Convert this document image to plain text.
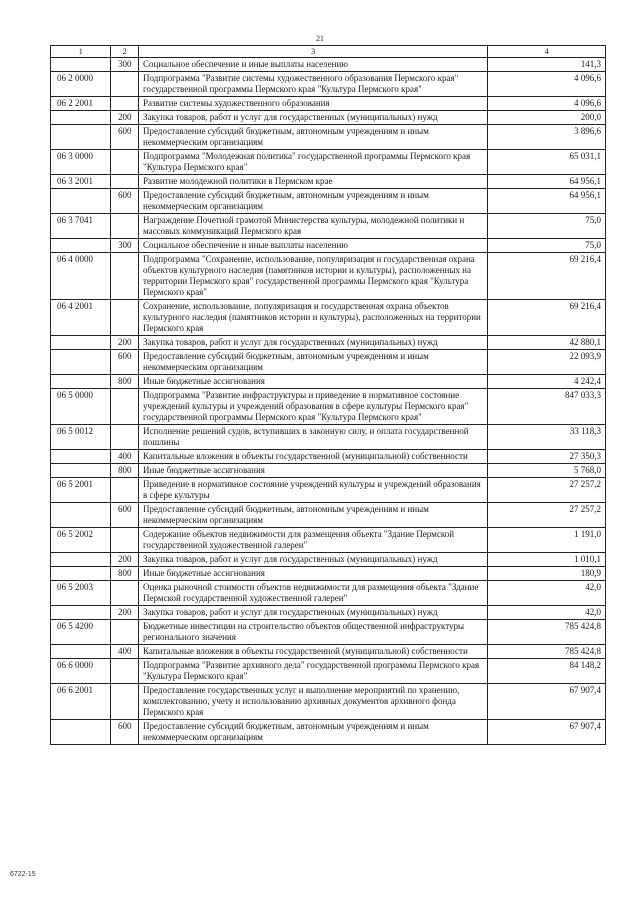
21
1	2	3	4
	300	Социальное обеспечение и иные выплаты населению	141,3
06 2 0000		Подпрограмма "Развитие системы художественного образования Пермского края" государственной программы Пермского края "Культура Пермского края"	4 096,6
06 2 2001		Развитие системы художественного образования	4 096,6
	200	Закупка товаров, работ и услуг для государственных (муниципальных) нужд	200,0
	600	Предоставление субсидий бюджетным, автономным учреждениям и иным некоммерческим организациям	3 896,6
06 3 0000		Подпрограмма "Молодежная политика" государственной программы Пермского края "Культура Пермского края"	65 031,1
06 3 2001		Развитие молодежной политики в Пермском крае	64 956,1
	600	Предоставление субсидий бюджетным, автономным учреждениям и иным некоммерческим организациям	64 956,1
06 3 7041		Награждение Почетной грамотой Министерства культуры, молодежной политики и массовых коммуникаций Пермского края	75,0
	300	Социальное обеспечение и иные выплаты населению	75,0
06 4 0000		Подпрограмма "Сохранение, использование, популяризация и государственная охрана объектов культурного наследия (памятников истории и культуры), расположенных на территории Пермского края" государственной программы Пермского края "Культура Пермского края"	69 216,4
06 4 2001		Сохранение, использование, популяризация и государственная охрана объектов культурного наследия (памятников истории и культуры), расположенных на территории Пермского края	69 216,4
	200	Закупка товаров, работ и услуг для государственных (муниципальных) нужд	42 880,1
	600	Предоставление субсидий бюджетным, автономным учреждениям и иным некоммерческим организациям	22 093,9
	800	Иные бюджетные ассигнования	4 242,4
06 5 0000		Подпрограмма "Развитие инфраструктуры и приведение в нормативное состояние учреждений культуры и учреждений образования в сфере культуры Пермского края" государственной программы Пермского края "Культура Пермского края"	847 033,3
06 5 0012		Исполнение решений судов, вступивших в законную силу, и оплата государственной пошлины	33 118,3
	400	Капитальные вложения в объекты государственной (муниципальной) собственности	27 350,3
	800	Иные бюджетные ассигнования	5 768,0
06 5 2001		Приведение в нормативное состояние учреждений культуры и учреждений образования в сфере культуры	27 257,2
	600	Предоставление субсидий бюджетным, автономным учреждениям и иным некоммерческим организациям	27 257,2
06 5 2002		Содержание объектов недвижимости для размещения объекта "Здание Пермской государственной художественной галереи"	1 191,0
	200	Закупка товаров, работ и услуг для государственных (муниципальных) нужд	1 010,1
	800	Иные бюджетные ассигнования	180,9
06 5 2003		Оценка рыночной стоимости объектов недвижимости для размещения объекта "Здание Пермской государственной художественной галереи"	42,0
	200	Закупка товаров, работ и услуг для государственных (муниципальных) нужд	42,0
06 5 4200		Бюджетные инвестиции на строительство объектов общественной инфраструктуры регионального значения	785 424,8
	400	Капитальные вложения в объекты государственной (муниципальной) собственности	785 424,8
06 6 0000		Подпрограмма "Развитие архивного дела" государственной программы Пермского края "Культура Пермского края"	84 148,2
06 6 2001		Предоставление государственных услуг и выполнение мероприятий по хранению, комплектованию, учету и использованию архивных документов архивного фонда Пермского края	67 907,4
	600	Предоставление субсидий бюджетным, автономным учреждениям и иным некоммерческим организациям	67 907,4
6722-15
